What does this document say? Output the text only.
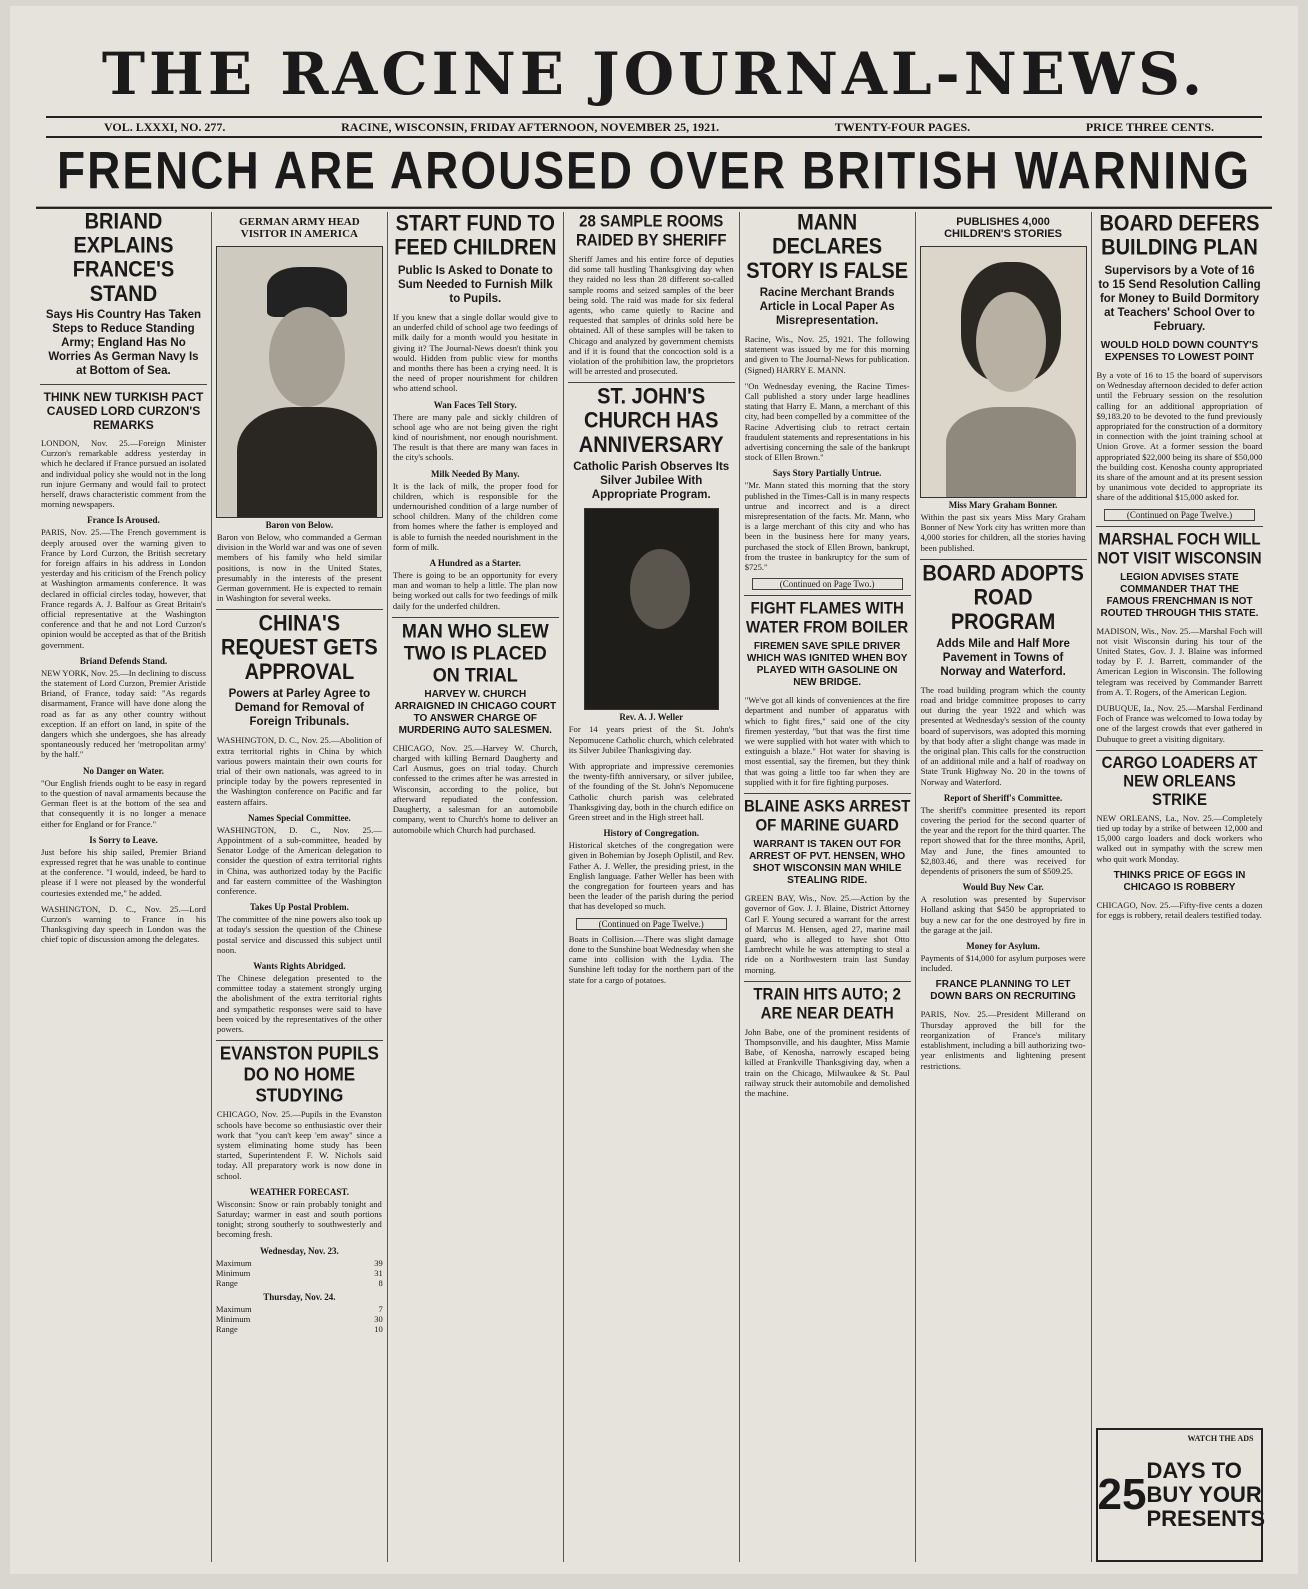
THE RACINE JOURNAL-NEWS.
VOL. LXXXI, NO. 277.	RACINE, WISCONSIN, FRIDAY AFTERNOON, NOVEMBER 25, 1921.	TWENTY-FOUR PAGES.	PRICE THREE CENTS.
FRENCH ARE AROUSED OVER BRITISH WARNING
BRIAND EXPLAINS FRANCE'S STAND
Says His Country Has Taken Steps to Reduce Standing Army; England Has No Worries As German Navy Is at Bottom of Sea.
THINK NEW TURKISH PACT CAUSED LORD CURZON'S REMARKS
LONDON, Nov. 25.—Foreign Minister Curzon's remarkable address yesterday in which he declared if France pursued an isolated and individual policy she would not in the long run injure Germany and would fail to protect herself, draws characteristic comment from the morning newspapers.
France Is Aroused.
PARIS, Nov. 25.—The French government is deeply aroused over the warning given to France by Lord Curzon, the British secretary for foreign affairs in his address in London yesterday and his criticism of the French policy at Washington armaments conference. It was declared in official circles today, however, that France regards A. J. Balfour as Great Britain's official representative at the Washington conference and that he and not Lord Curzon's opinion would be accepted as that of the British government.
Briand Defends Stand.
NEW YORK, Nov. 25.—In declining to discuss the statement of Lord Curzon, Premier Aristide Briand, of France, today said: "As regards disarmament, France will have done along the road as far as any other country without exception. If an effort on land, in spite of the dangers which she undergoes, she has already spontaneously reduced her 'metropolitan army' by the half."
No Danger on Water.
"Our English friends ought to be easy in regard to the question of naval armaments because the German fleet is at the bottom of the sea and that consequently it is no longer a menace either for England or for France."
Is Sorry to Leave.
Just before his ship sailed, Premier Briand expressed regret that he was unable to continue at the conference. "I would, indeed, be hard to please if I were not pleased by the wonderful courtesies extended me," he added.
WASHINGTON, D. C., Nov. 25.—Lord Curzon's warning to France in his Thanksgiving day speech in London was the chief topic of discussion among the delegates.
GERMAN ARMY HEAD VISITOR IN AMERICA
Baron von Below.
Baron von Below, who commanded a German division in the World war and was one of seven members of his family who held similar positions, is now in the United States, presumably in the interests of the present German government. He is expected to remain in Washington for several weeks.
CHINA'S REQUEST GETS APPROVAL
Powers at Parley Agree to Demand for Removal of Foreign Tribunals.
WASHINGTON, D. C., Nov. 25.—Abolition of extra territorial rights in China by which various powers maintain their own courts for trial of their own nationals, was agreed to in principle today by the powers represented in the Washington conference on Pacific and far eastern affairs.
Names Special Committee.
WASHINGTON, D. C., Nov. 25.—Appointment of a sub-committee, headed by Senator Lodge of the American delegation to consider the question of extra territorial rights in China, was authorized today by the Pacific and far eastern committee of the Washington conference.
Takes Up Postal Problem.
The committee of the nine powers also took up at today's session the question of the Chinese postal service and discussed this subject until noon.
Wants Rights Abridged.
The Chinese delegation presented to the committee today a statement strongly urging the abolishment of the extra territorial rights and sympathetic responses were said to have been voiced by the representatives of the other powers.
EVANSTON PUPILS DO NO HOME STUDYING
CHICAGO, Nov. 25.—Pupils in the Evanston schools have become so enthusiastic over their work that "you can't keep 'em away" since a system eliminating home study has been started, Superintendent F. W. Nichols said today. All preparatory work is now done in school.
WEATHER FORECAST.
Wisconsin: Snow or rain probably tonight and Saturday; warmer in east and south portions tonight; strong southerly to southwesterly and becoming fresh.
Wednesday, Nov. 23.
Maximum	39
Minimum	31
Range	8
Thursday, Nov. 24.
Maximum	7
Minimum	30
Range	10
START FUND TO FEED CHILDREN
Public Is Asked to Donate to Sum Needed to Furnish Milk to Pupils.
If you knew that a single dollar would give to an underfed child of school age two feedings of milk daily for a month would you hesitate in giving it? The Journal-News doesn't think you would. Hidden from public view for months and months there has been a crying need. It is the need of proper nourishment for children who attend school.
Wan Faces Tell Story.
There are many pale and sickly children of school age who are not being given the right kind of nourishment, nor enough nourishment. The result is that there are many wan faces in the city's schools.
Milk Needed By Many.
It is the lack of milk, the proper food for children, which is responsible for the undernourished condition of a large number of school children. Many of the children come from homes where the father is employed and is able to furnish the needed nourishment in the form of milk.
A Hundred as a Starter.
There is going to be an opportunity for every man and woman to help a little. The plan now being worked out calls for two feedings of milk daily for the underfed children.
MAN WHO SLEW TWO IS PLACED ON TRIAL
HARVEY W. CHURCH ARRAIGNED IN CHICAGO COURT TO ANSWER CHARGE OF MURDERING AUTO SALESMEN.
CHICAGO, Nov. 25.—Harvey W. Church, charged with killing Bernard Daugherty and Carl Ausmus, goes on trial today. Church confessed to the crimes after he was arrested in Wisconsin, according to the police, but afterward repudiated the confession. Daugherty, a salesman for an automobile company, went to Church's home to deliver an automobile which Church had purchased.
28 SAMPLE ROOMS RAIDED BY SHERIFF
Sheriff James and his entire force of deputies did some tall hustling Thanksgiving day when they raided no less than 28 different so-called sample rooms and seized samples of the beer being sold. The raid was made for six federal agents, who came quietly to Racine and requested that samples of drinks sold here be obtained. All of these samples will be taken to Chicago and analyzed by government chemists and if it is found that the concoction sold is a violation of the prohibition law, the proprietors will be arrested and prosecuted.
ST. JOHN'S CHURCH HAS ANNIVERSARY
Catholic Parish Observes Its Silver Jubilee With Appropriate Program.
Rev. A. J. Weller
For 14 years priest of the St. John's Nepomucene Catholic church, which celebrated its Silver Jubilee Thanksgiving day.
With appropriate and impressive ceremonies the twenty-fifth anniversary, or silver jubilee, of the founding of the St. John's Nepomucene Catholic church parish was celebrated Thanksgiving day, both in the church edifice on Green street and in the High street hall.
History of Congregation.
Historical sketches of the congregation were given in Bohemian by Joseph Oplistil, and Rev. Father A. J. Weller, the presiding priest, in the English language. Father Weller has been with the congregation for fourteen years and has been the leader of the parish during the period that has developed so much.
(Continued on Page Twelve.)
Boats in Collision.—There was slight damage done to the Sunshine boat Wednesday when she came into collision with the Lydia. The Sunshine left today for the northern part of the state for a cargo of potatoes.
MANN DECLARES STORY IS FALSE
Racine Merchant Brands Article in Local Paper As Misrepresentation.
Racine, Wis., Nov. 25, 1921. The following statement was issued by me for this morning and given to The Journal-News for publication. (Signed) HARRY E. MANN.
"On Wednesday evening, the Racine Times-Call published a story under large headlines stating that Harry E. Mann, a merchant of this city, had been compelled by a committee of the Racine Advertising club to retract certain fraudulent statements and representations in his advertising concerning the sale of the bankrupt stock of Ellen Brown."
Says Story Partially Untrue.
"Mr. Mann stated this morning that the story published in the Times-Call is in many respects untrue and incorrect and is a direct misrepresentation of the facts. Mr. Mann, who is a large merchant of this city and who has been in the business here for many years, purchased the stock of Ellen Brown, bankrupt, from the trustee in bankruptcy for the sum of $725."
(Continued on Page Two.)
FIGHT FLAMES WITH WATER FROM BOILER
FIREMEN SAVE SPILE DRIVER WHICH WAS IGNITED WHEN BOY PLAYED WITH GASOLINE ON NEW BRIDGE.
"We've got all kinds of conveniences at the fire department and number of apparatus with which to fight fires," said one of the city firemen yesterday, "but that was the first time we were supplied with hot water with which to extinguish a blaze." Hot water for shaving is most essential, say the firemen, but they think that was going a little too far when they are supplied with it for fire fighting purposes.
BLAINE ASKS ARREST OF MARINE GUARD
WARRANT IS TAKEN OUT FOR ARREST OF PVT. HENSEN, WHO SHOT WISCONSIN MAN WHILE STEALING RIDE.
GREEN BAY, Wis., Nov. 25.—Action by the governor of Gov. J. J. Blaine, District Attorney Carl F. Young secured a warrant for the arrest of Marcus M. Hensen, aged 27, marine mail guard, who is alleged to have shot Otto Lambrecht while he was attempting to steal a ride on a Northwestern train last Sunday morning.
TRAIN HITS AUTO; 2 ARE NEAR DEATH
John Babe, one of the prominent residents of Thompsonville, and his daughter, Miss Mamie Babe, of Kenosha, narrowly escaped being killed at Frankville Thanksgiving day, when a train on the Chicago, Milwaukee & St. Paul railway struck their automobile and demolished the machine.
PUBLISHES 4,000 CHILDREN'S STORIES
Miss Mary Graham Bonner.
Within the past six years Miss Mary Graham Bonner of New York city has written more than 4,000 stories for children, all the stories having been published.
BOARD ADOPTS ROAD PROGRAM
Adds Mile and Half More Pavement in Towns of Norway and Waterford.
The road building program which the county road and bridge committee proposes to carry out during the year 1922 and which was presented at Wednesday's session of the county board of supervisors, was adopted this morning by that body after a slight change was made in the original plan. This calls for the construction of an additional mile and a half of roadway on State Trunk Highway No. 20 in the towns of Norway and Waterford.
Report of Sheriff's Committee.
The sheriff's committee presented its report covering the period for the second quarter of the year and the report for the third quarter. The report showed that for the three months, April, May and June, the fines amounted to $2,803.46, and there was received for dependents of prisoners the sum of $509.25.
Would Buy New Car.
A resolution was presented by Supervisor Holland asking that $450 be appropriated to buy a new car for the one destroyed by fire in the garage at the jail.
Money for Asylum.
Payments of $14,000 for asylum purposes were included.
FRANCE PLANNING TO LET DOWN BARS ON RECRUITING
PARIS, Nov. 25.—President Millerand on Thursday approved the bill for the reorganization of France's military establishment, including a bill authorizing two-year enlistments and lightening present restrictions.
BOARD DEFERS BUILDING PLAN
Supervisors by a Vote of 16 to 15 Send Resolution Calling for Money to Build Dormitory at Teachers' School Over to February.
WOULD HOLD DOWN COUNTY'S EXPENSES TO LOWEST POINT
By a vote of 16 to 15 the board of supervisors on Wednesday afternoon decided to defer action until the February session on the resolution calling for an additional appropriation of $9,183.20 to be devoted to the fund previously appropriated for the construction of a dormitory in connection with the joint training school at Union Grove. At a former session the board appropriated $22,000 being its share of $50,000 the building cost. Kenosha county appropriated its share of the amount and at its present session by unanimous vote decided to appropriate its share of the additional $15,000 asked for.
(Continued on Page Twelve.)
MARSHAL FOCH WILL NOT VISIT WISCONSIN
LEGION ADVISES STATE COMMANDER THAT THE FAMOUS FRENCHMAN IS NOT ROUTED THROUGH THIS STATE.
MADISON, Wis., Nov. 25.—Marshal Foch will not visit Wisconsin during his tour of the United States, Gov. J. J. Blaine was informed today by F. J. Barrett, commander of the American Legion in Wisconsin. The following telegram was received by Commander Barrett from A. T. Rogers, of the American Legion.
DUBUQUE, Ia., Nov. 25.—Marshal Ferdinand Foch of France was welcomed to Iowa today by one of the largest crowds that ever gathered in Dubuque to greet a visiting dignitary.
CARGO LOADERS AT NEW ORLEANS STRIKE
NEW ORLEANS, La., Nov. 25.—Completely tied up today by a strike of between 12,000 and 15,000 cargo loaders and dock workers who walked out in sympathy with the screw men who quit work Monday.
THINKS PRICE OF EGGS IN CHICAGO IS ROBBERY
CHICAGO, Nov. 25.—Fifty-five cents a dozen for eggs is robbery, retail dealers testified today.
WATCH THE ADS
25 DAYS TO
BUY YOUR
PRESENTS
